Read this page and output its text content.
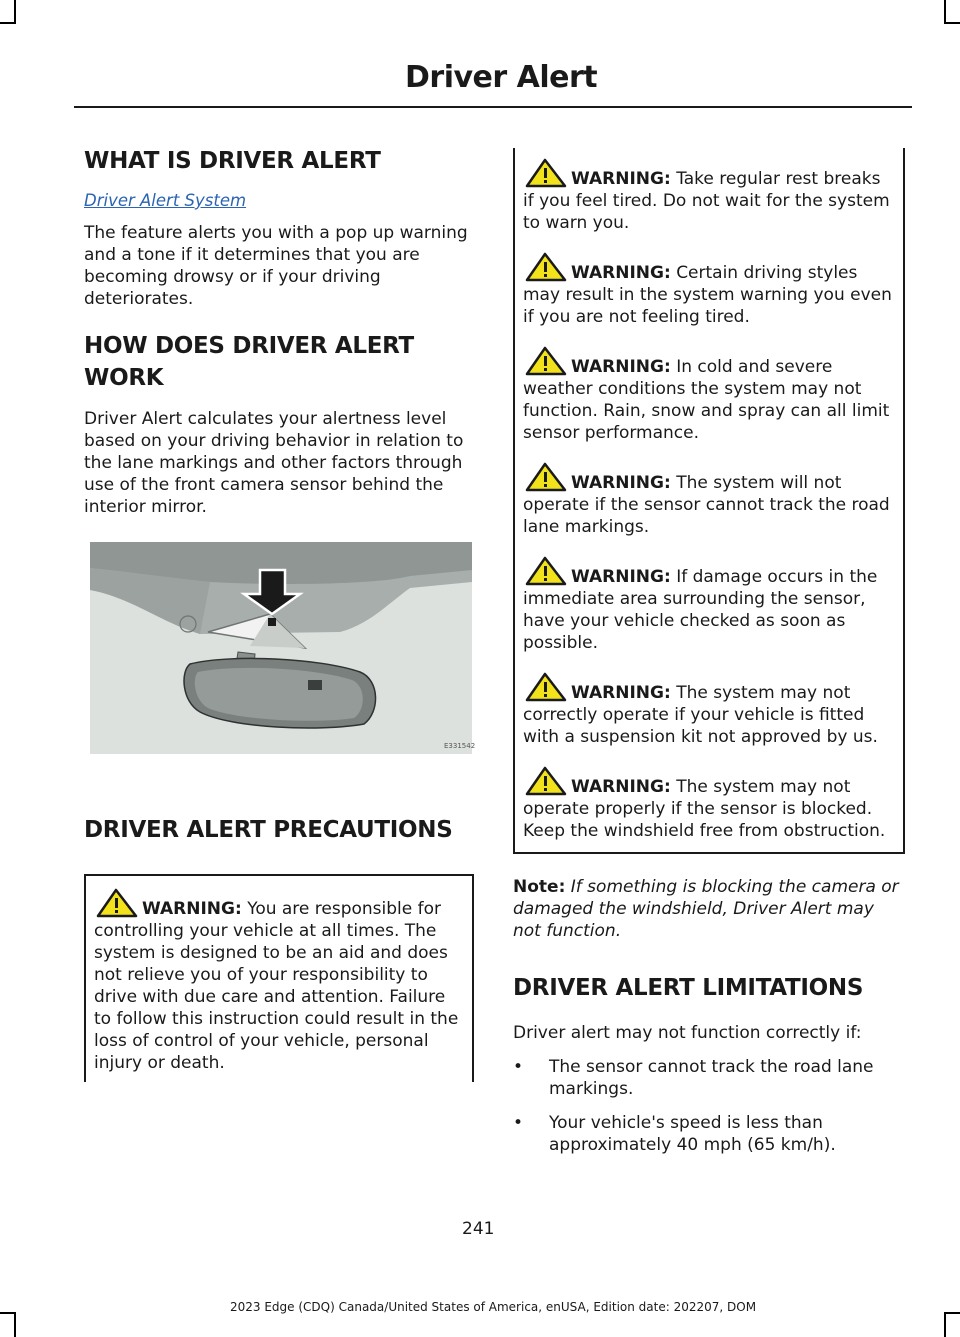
Driver Alert
WHAT IS DRIVER ALERT
Driver Alert System

The feature alerts you with a pop up warning and a tone if it determines that you are becoming drowsy or if your driving deteriorates.

HOW DOES DRIVER ALERT WORK

Driver Alert calculates your alertness level based on your driving behavior in relation to the lane markings and other factors through use of the front camera sensor behind the interior mirror.

E331542
DRIVER ALERT PRECAUTIONS
WARNING: You are responsible for controlling your vehicle at all times. The system is designed to be an aid and does not relieve you of your responsibility to drive with due care and attention. Failure to follow this instruction could result in the loss of control of your vehicle, personal injury or death.
WARNING: Take regular rest breaks if you feel tired. Do not wait for the system to warn you.
WARNING: Certain driving styles may result in the system warning you even if you are not feeling tired.
WARNING: In cold and severe weather conditions the system may not function. Rain, snow and spray can all limit sensor performance.
WARNING: The system will not operate if the sensor cannot track the road lane markings.
WARNING: If damage occurs in the immediate area surrounding the sensor, have your vehicle checked as soon as possible.
WARNING: The system may not correctly operate if your vehicle is fitted with a suspension kit not approved by us.
WARNING: The system may not operate properly if the sensor is blocked. Keep the windshield free from obstruction.

Note: If something is blocking the camera or damaged the windshield, Driver Alert may not function.

DRIVER ALERT LIMITATIONS

Driver alert may not function correctly if:

• The sensor cannot track the road lane markings.
• Your vehicle's speed is less than approximately 40 mph (65 km/h).
241
2023 Edge (CDQ) Canada/United States of America, enUSA, Edition date: 202207, DOM
